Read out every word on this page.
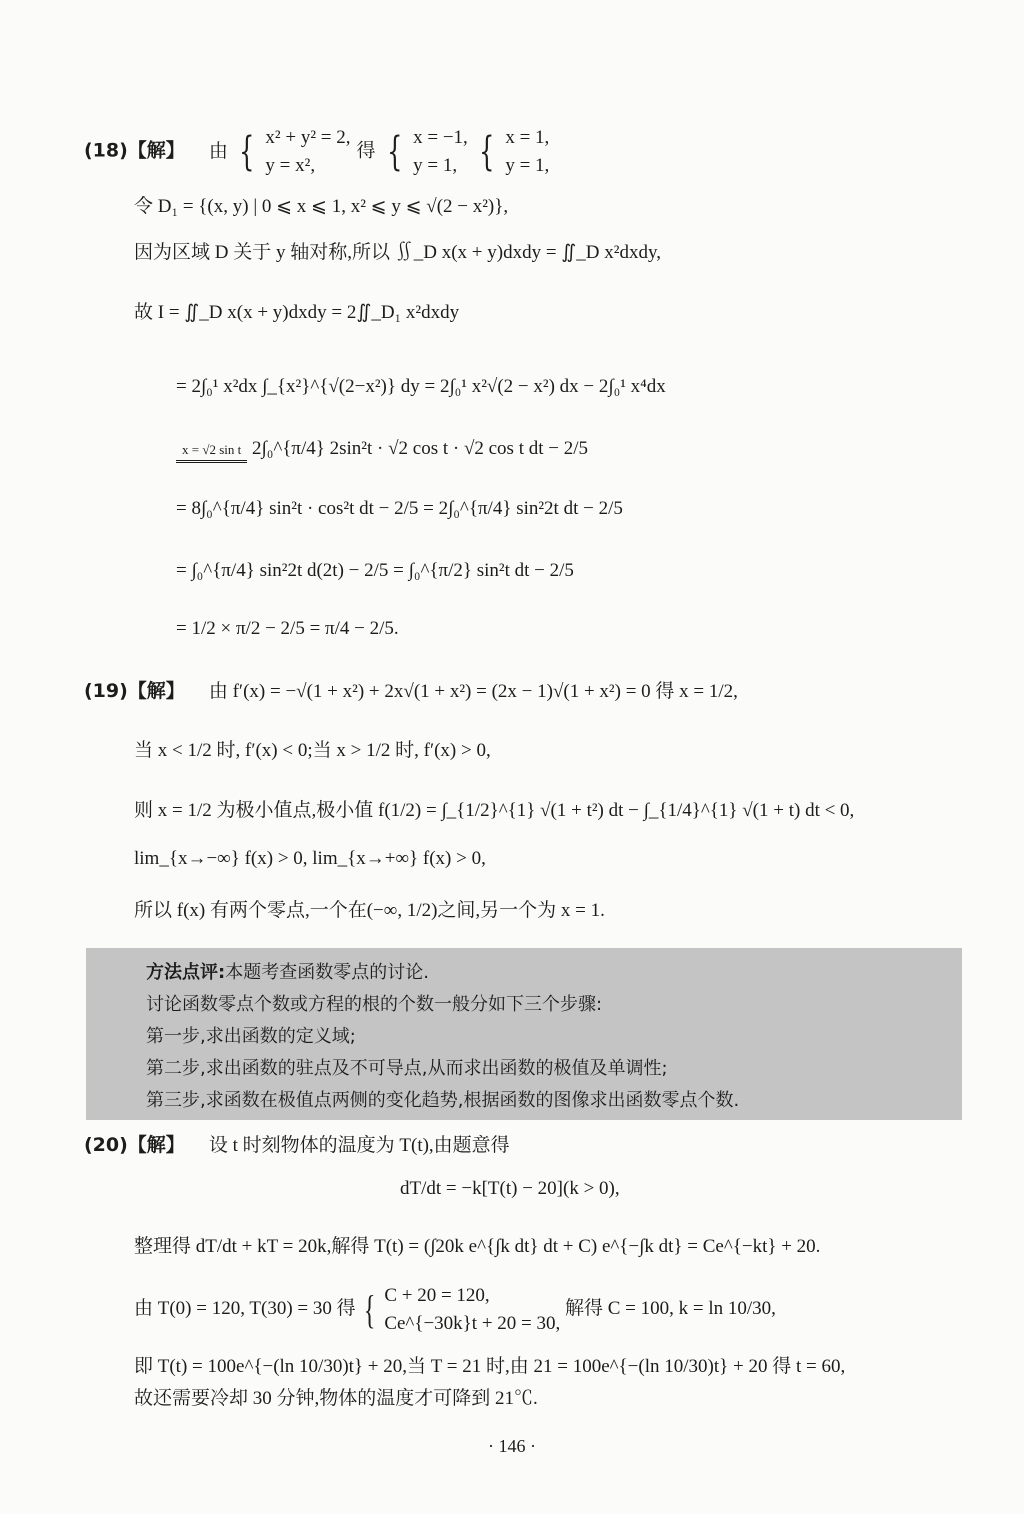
(18)【解】 由 { x² + y² = 2,
y = x²,
得 { x = −1,
y = 1, { x = 1,
y = 1,
令 D₁ = {(x, y) | 0 ⩽ x ⩽ 1, x² ⩽ y ⩽ √(2 − x²)},
因为区域 D 关于 y 轴对称,所以 ∬_D x(x + y)dxdy = ∬_D x²dxdy,
故 I = ∬_D x(x + y)dxdy = 2∬_D₁ x²dxdy
= 2∫₀¹ x²dx ∫_{x²}^{√(2−x²)} dy = 2∫₀¹ x²√(2 − x²) dx − 2∫₀¹ x⁴dx
x = √2 sin t 2∫₀^{π/4} 2sin²t · √2 cos t · √2 cos t dt − 2/5
= 8∫₀^{π/4} sin²t · cos²t dt − 2/5 = 2∫₀^{π/4} sin²2t dt − 2/5
= ∫₀^{π/4} sin²2t d(2t) − 2/5 = ∫₀^{π/2} sin²t dt − 2/5
= 1/2 × π/2 − 2/5 = π/4 − 2/5.
(19)【解】 由 f′(x) = −√(1 + x²) + 2x√(1 + x²) = (2x − 1)√(1 + x²) = 0 得 x = 1/2,
当 x < 1/2 时, f′(x) < 0;当 x > 1/2 时, f′(x) > 0,
则 x = 1/2 为极小值点,极小值 f(1/2) = ∫_{1/2}^{1} √(1 + t²) dt − ∫_{1/4}^{1} √(1 + t) dt < 0,
lim_{x→−∞} f(x) > 0, lim_{x→+∞} f(x) > 0,
所以 f(x) 有两个零点,一个在(−∞, 1/2)之间,另一个为 x = 1.
方法点评:本题考查函数零点的讨论.
讨论函数零点个数或方程的根的个数一般分如下三个步骤:
第一步,求出函数的定义域;
第二步,求出函数的驻点及不可导点,从而求出函数的极值及单调性;
第三步,求函数在极值点两侧的变化趋势,根据函数的图像求出函数零点个数.
(20)【解】 设 t 时刻物体的温度为 T(t),由题意得
dT/dt = −k[T(t) − 20](k > 0),
整理得 dT/dt + kT = 20k,解得 T(t) = (∫20k e^{∫k dt} dt + C) e^{−∫k dt} = Ce^{−kt} + 20.
由 T(0) = 120, T(30) = 30 得 { C + 20 = 120,
Ce^{−30k}t + 20 = 30,
解得 C = 100, k = ln 10/30,
即 T(t) = 100e^{−(ln 10/30)t} + 20,当 T = 21 时,由 21 = 100e^{−(ln 10/30)t} + 20 得 t = 60,
故还需要冷却 30 分钟,物体的温度才可降到 21℃.
· 146 ·
